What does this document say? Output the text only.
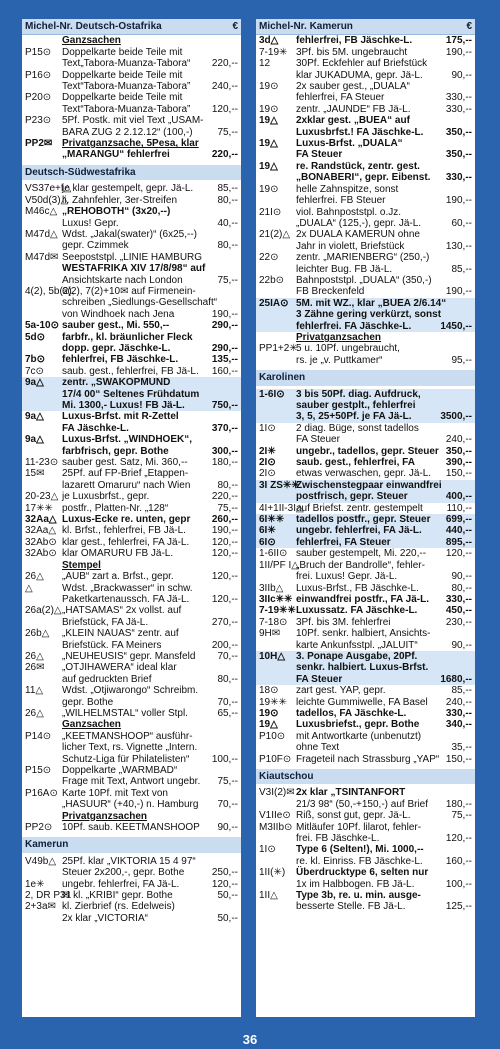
Michel-Nr. Deutsch-Ostafrika	€
Ganzsachen
P15⊙	Doppelkarte beide Teile mit
Text„Tabora-Muanza-Tabora“	220,--
P16⊙	Doppelkarte beide Teile mit
Text“Tabora-Muanza-Tabora”	240,--
P20⊙	Doppelkarte beide Teile mit
Text“Tabora-Muanza-Tabora”	120,--
P23⊙	5Pf. Postk. mit viel Text „USAM-
BARA ZUG 2 2.12.12“ (100,-)	75,--
PP2✉ Privatganzsache, 5Pesa, klar
„MARANGU“ fehlerfrei	220,--
Deutsch-Südwestafrika
VS37e+f△
je klar gestempelt, gepr. Jä-L.	85,--
V50d(3)△
li. Zahnfehler, 3er-Streifen	80,--
M46c△ „REHOBOTH“ (3x20,--)
Luxus! Gepr.	40,--
M47d△ Wdst. „Jakal(swater)“ (6x25,--)
gepr. Czimmek	80,--
M47d✉ Seepoststpl. „LINIE HAMBURG
WESTAFRIKA XIV 17/8/98“ auf
Ansichtskarte nach London	75,--
4(2), 5b(2),
6(2), 7(2)+10✉ auf Firmenein-
schreiben „Siedlungs-Gesellschaft“
von Windhoek nach Jena	190,--
5a-10⊙ sauber gest., Mi. 550,--	290,--
5d⊙	farbfr., kl. bräunlicher Fleck
dopp. gepr. Jäschke-L.	290,--
7b⊙	fehlerfrei, FB Jäschke-L.	135,--
7c⊙	saub. gest., fehlerfrei, FB Jä-L.	160,--
9a△	zentr. „SWAKOPMUND
17/4 00“ Seltenes Frühdatum
Mi. 1300,- Luxus! FB Jä-L.	750,--
9a△	Luxus-Brfst. mit R-Zettel
FA Jäschke-L.	370,--
9a△	Luxus-Brfst. „WINDHOEK“,
farbfrisch, gepr. Bothe	300,--
11-23⊙ sauber gest. Satz, Mi. 360,--	180,--
15✉	25Pf. auf FP-Brief „Etappen-
lazarett Omaruru“ nach Wien	80,--
20-23△ je Luxusbrfst., gepr.	220,--
17✳✳ postfr., Platten-Nr. „128“	75,--
32Aa△ Luxus-Ecke re. unten, gepr	260,--
32Aa△ kl. Brfst., fehlerfrei, FB Jä-L.	190,--
32Ab⊙ klar gest., fehlerfrei, FA Jä-L.	120,--
32Ab⊙ klar OMARURU FB Jä-L.	120,--
Stempel
26△	„AUB“ zart a. Brfst., gepr.	120,--
△	Wdst. „Brackwasser“ in schw.
Paketkartenaussch. FA Jä-L.	120,--
26a(2)△ „HATSAMAS“ 2x vollst. auf
Briefstück, FA Jä-L.	270,--
26b△	„KLEIN NAUAS“ zentr. auf
Briefstück. FA Meiners	200,--
26△	„NEUHEUSIS“ gepr. Mansfeld	70,--
26✉	„OTJIHAWERA“ ideal klar
auf gedruckten Brief	80,--
11△	Wdst. „Otjiwarongo“ Schreibm.
gepr. Bothe	70,--
26△	„WILHELMSTAL“ voller Stpl.	65,--
Ganzsachen
P14⊙	„KEETMANSHOOP“ ausführ-
licher Text, rs. Vignette „Intern.
Schutz-Liga für Philatelisten“	100,--
P15⊙	Doppelkarte „WARMBAD“
Frage mit Text, Antwort ungebr.	75,--
P16A⊙ Karte 10Pf. mit Text von
„HASUUR“ (+40,-) n. Hamburg	70,--
Privatganzsachen
PP2⊙ 10Pf. saub. KEETMANSHOOP	90,--
Kamerun
V49b△ 25Pf. klar „VIKTORIA 15 4 97“
Steuer 2x200,-, gepr. Bothe	250,--
1e✳	ungebr. fehlerfrei, FA Jä-L.	120,--
2, DR P31
✉ kl. „KRIBI“ gepr. Bothe	50,--
2+3a✉ kl. Zierbrief (rs. Edelweis)
2x klar „VICTORIA“	50,--
Michel-Nr. Kamerun	€
3d△	fehlerfrei, FB Jäschke-L.	175,--
7-19✳ 3Pf. bis 5M. ungebraucht	190,--
12	30Pf. Eckfehler auf Briefstück
klar JUKADUMA, gepr. Jä-L.	90,--
19⊙	2x sauber gest., „DUALA“
fehlerfrei, FA Steuer	330,--
19⊙	zentr. „JAUNDE“ FB Jä-L.	330,--
19△	2xklar gest. „BUEA“ auf
Luxusbrfst.! FA Jäschke-L.	350,--
19△	Luxus-Brfst. „DUALA“
FA Steuer	350,--
19△	re. Randstück, zentr. gest.
„BONABERI“, gepr. Eibenst.	330,--
19⊙	helle Zahnspitze, sonst
fehlerfrei. FB Steuer	190,--
21I⊙	viol. Bahnpoststpl. o.Jz.
„DUALA“ (125,-), gepr. Jä-L.	60,--
21(2)△ 2x DUALA KAMERUN ohne
Jahr in violett, Briefstück	130,--
22⊙	zentr. „MARIENBERG“ (250,-)
leichter Bug. FB Jä-L.	85,--
22b⊙	Bahnpoststpl. „DUALA“ (350,-)
FB Breckenfeld	190,--
25IA⊙ 5M. mit WZ., klar „BUEA 2/6.14“
3 Zähne gering verkürzt, sonst
fehlerfrei. FA Jäschke-L.	1450,--
Privatganzsachen
PP1+2✳
5 u. 10Pf. ungebraucht,
rs. je „v. Puttkamer“	95,--
Karolinen
1-6I⊙	3 bis 50Pf. diag. Aufdruck,
sauber gestplt., fehlerfrei
3, 5, 25+50Pf. je FA Jä-L.	3500,--
1I⊙	2 diag. Büge, sonst tadellos
FA Steuer	240,--
2I✳	ungebr., tadellos, gepr. Steuer 350,--
2I⊙	saub. gest., fehlerfrei, FA	390,--
2I⊙	etwas verwaschen, gepr. Jä-L.	150,--
3I ZS✳✳
Zwischenstegpaar einwandfrei
postfrisch, gepr. Steuer	400,--
4I+1II-3I△
auf Briefst. zentr. gestempelt	110,--
6I✳✳	tadellos postfr., gepr. Steuer	699,--
6I✳	ungebr. fehlerfrei, FA Jä-L.	440,--
6I⊙	fehlerfrei, FA Steuer	895,--
1-6II⊙ sauber gestempelt, Mi. 220,--	120,--
1II/PF I△
„Bruch der Bandrolle“, fehler-
frei. Luxus! Gepr. Jä-L.	90,--
3IIb△	Luxus-Brfst., FB Jäschke-L.	80,--
3IIc✳✳ einwandfrei postfr., FA Jä-L.	330,--
7-19✳✳ Luxussatz. FA Jäschke-L.	450,--
7-18⊙ 3Pf. bis 3M. fehlerfrei	230,--
9H✉	10Pf. senkr. halbiert, Ansichts-
karte Ankunfsstpl. „JALUIT“	90,--
10H△	3. Ponape Ausgabe, 20Pf.
senkr. halbiert. Luxus-Brfst.
FA Steuer	1680,--
18⊙	zart gest. YAP, gepr.	85,--
19✳✳ leichte Gummiwelle, FA Basel	240,--
19⊙	tadellos, FA Jäschke-L.	330,--
19△	Luxusbriefst., gepr. Bothe	340,--
P10⊙	mit Antwortkarte (unbenutzt)
ohne Text	35,--
P10F⊙ Frageteil nach Strassburg „YAP“ 150,--
Kiautschou
V3I(2)✉ 2x klar „TSINTANFORT
21/3 98“ (50,-+150,-) auf Brief	180,--
V1IIe⊙ Riß, sonst gut, gepr. Jä-L.	75,--
M3IIb⊙ Mitläufer 10Pf. lilarot, fehler-
frei. FB Jäschke-L.	120,--
1I⊙	Type 6 (Selten!), Mi. 1000,--
re. kl. Einriss. FB Jäschke-L.	160,--
1II(✳)	Überdrucktype 6, selten nur
1x im Halbbogen. FB Jä-L.	100,--
1II△	Type 3b, re. u. min. ausge-
besserte Stelle. FB Jä-L.	125,--
36
